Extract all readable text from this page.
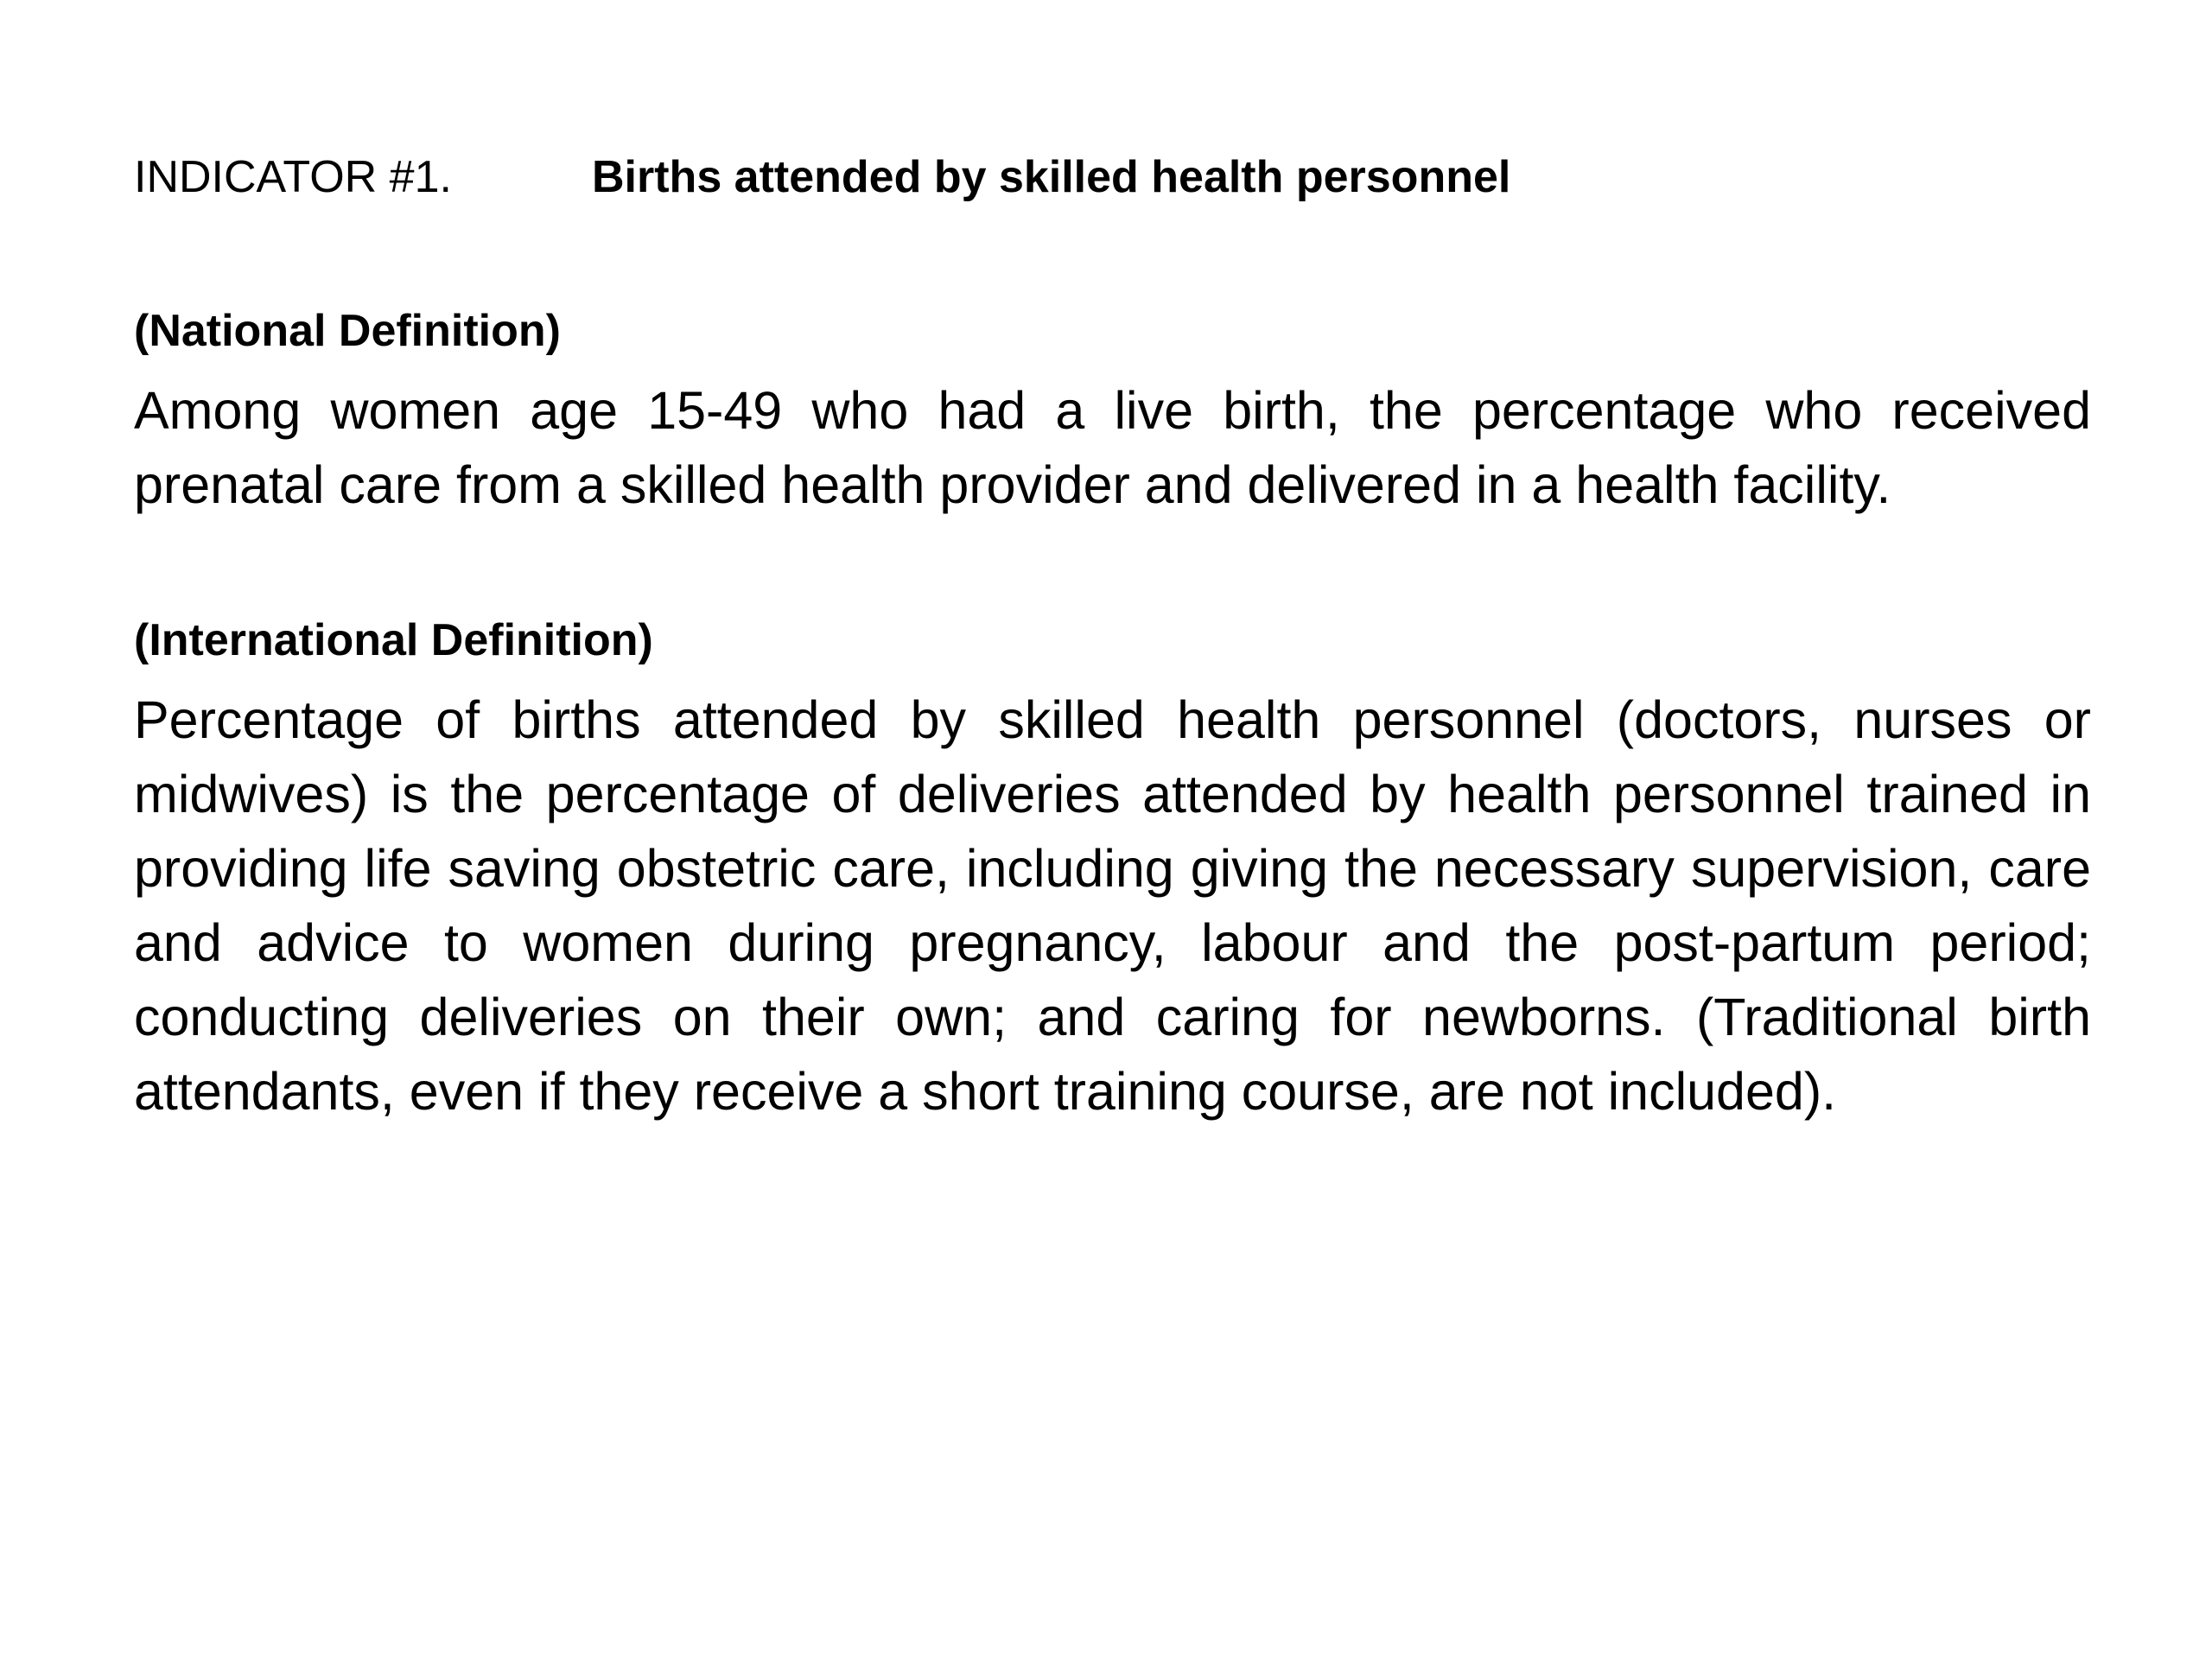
INDICATOR #1.	Births attended by skilled health personnel
(National Definition)
Among women age 15-49 who had a live birth, the percentage who received prenatal care from a skilled health provider and delivered in a health facility.
(International Definition)
Percentage of births attended by skilled health personnel (doctors, nurses or midwives) is the percentage of deliveries attended by health personnel trained in providing life saving obstetric care, including giving the necessary supervision, care and advice to women during pregnancy, labour and the post-partum period; conducting deliveries on their own; and caring for newborns. (Traditional birth attendants, even if they receive a short training course, are not included).
